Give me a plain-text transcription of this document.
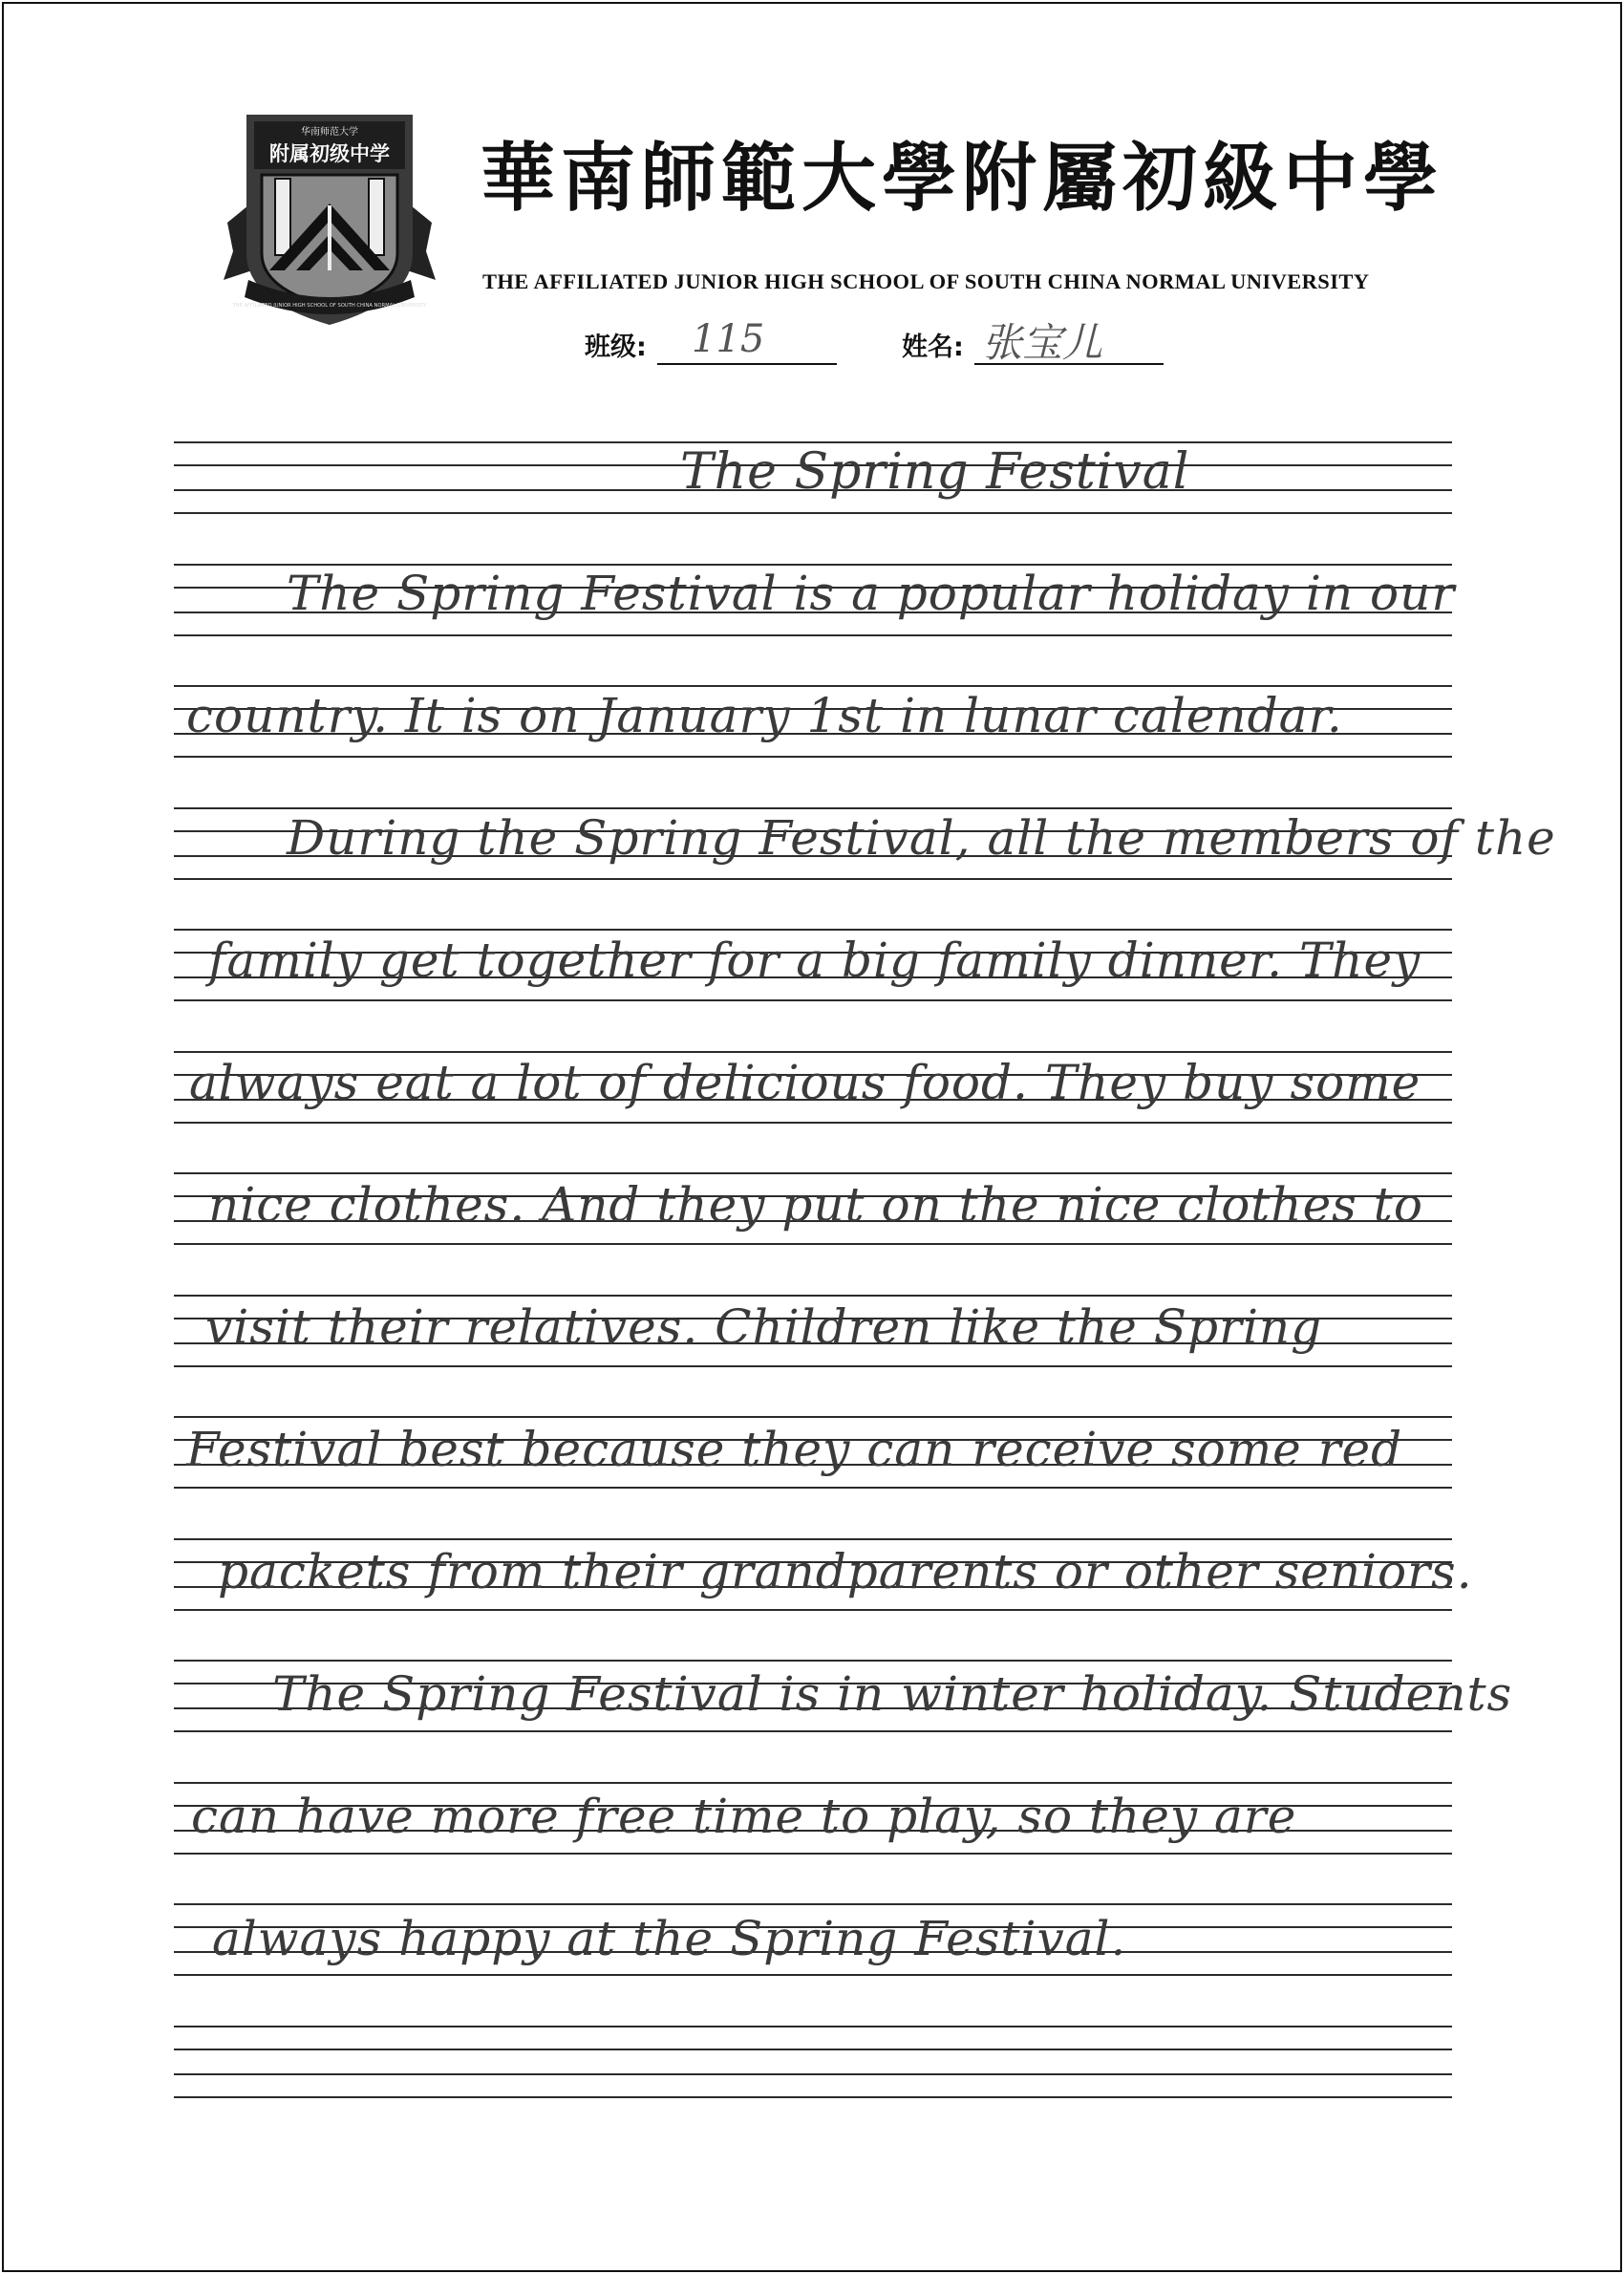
华南师范大学
附属初级中学
THE AFFILIATED JUNIOR HIGH SCHOOL OF SOUTH CHINA NORMAL UNIVERSITY
華南師範大學附屬初級中學
THE AFFILIATED JUNIOR HIGH SCHOOL OF SOUTH CHINA NORMAL UNIVERSITY
班级: 115	姓名: 张宝儿
The Spring Festival
The Spring Festival is a popular holiday in our
country. It is on January 1st in lunar calendar.
During the Spring Festival, all the members of the
family get together for a big family dinner. They
always eat a lot of delicious food. They buy some
nice clothes. And they put on the nice clothes to
visit their relatives. Children like the Spring
Festival best because they can receive some red
packets from their grandparents or other seniors.
The Spring Festival is in winter holiday. Students
can have more free time to play, so they are
always happy at the Spring Festival.
